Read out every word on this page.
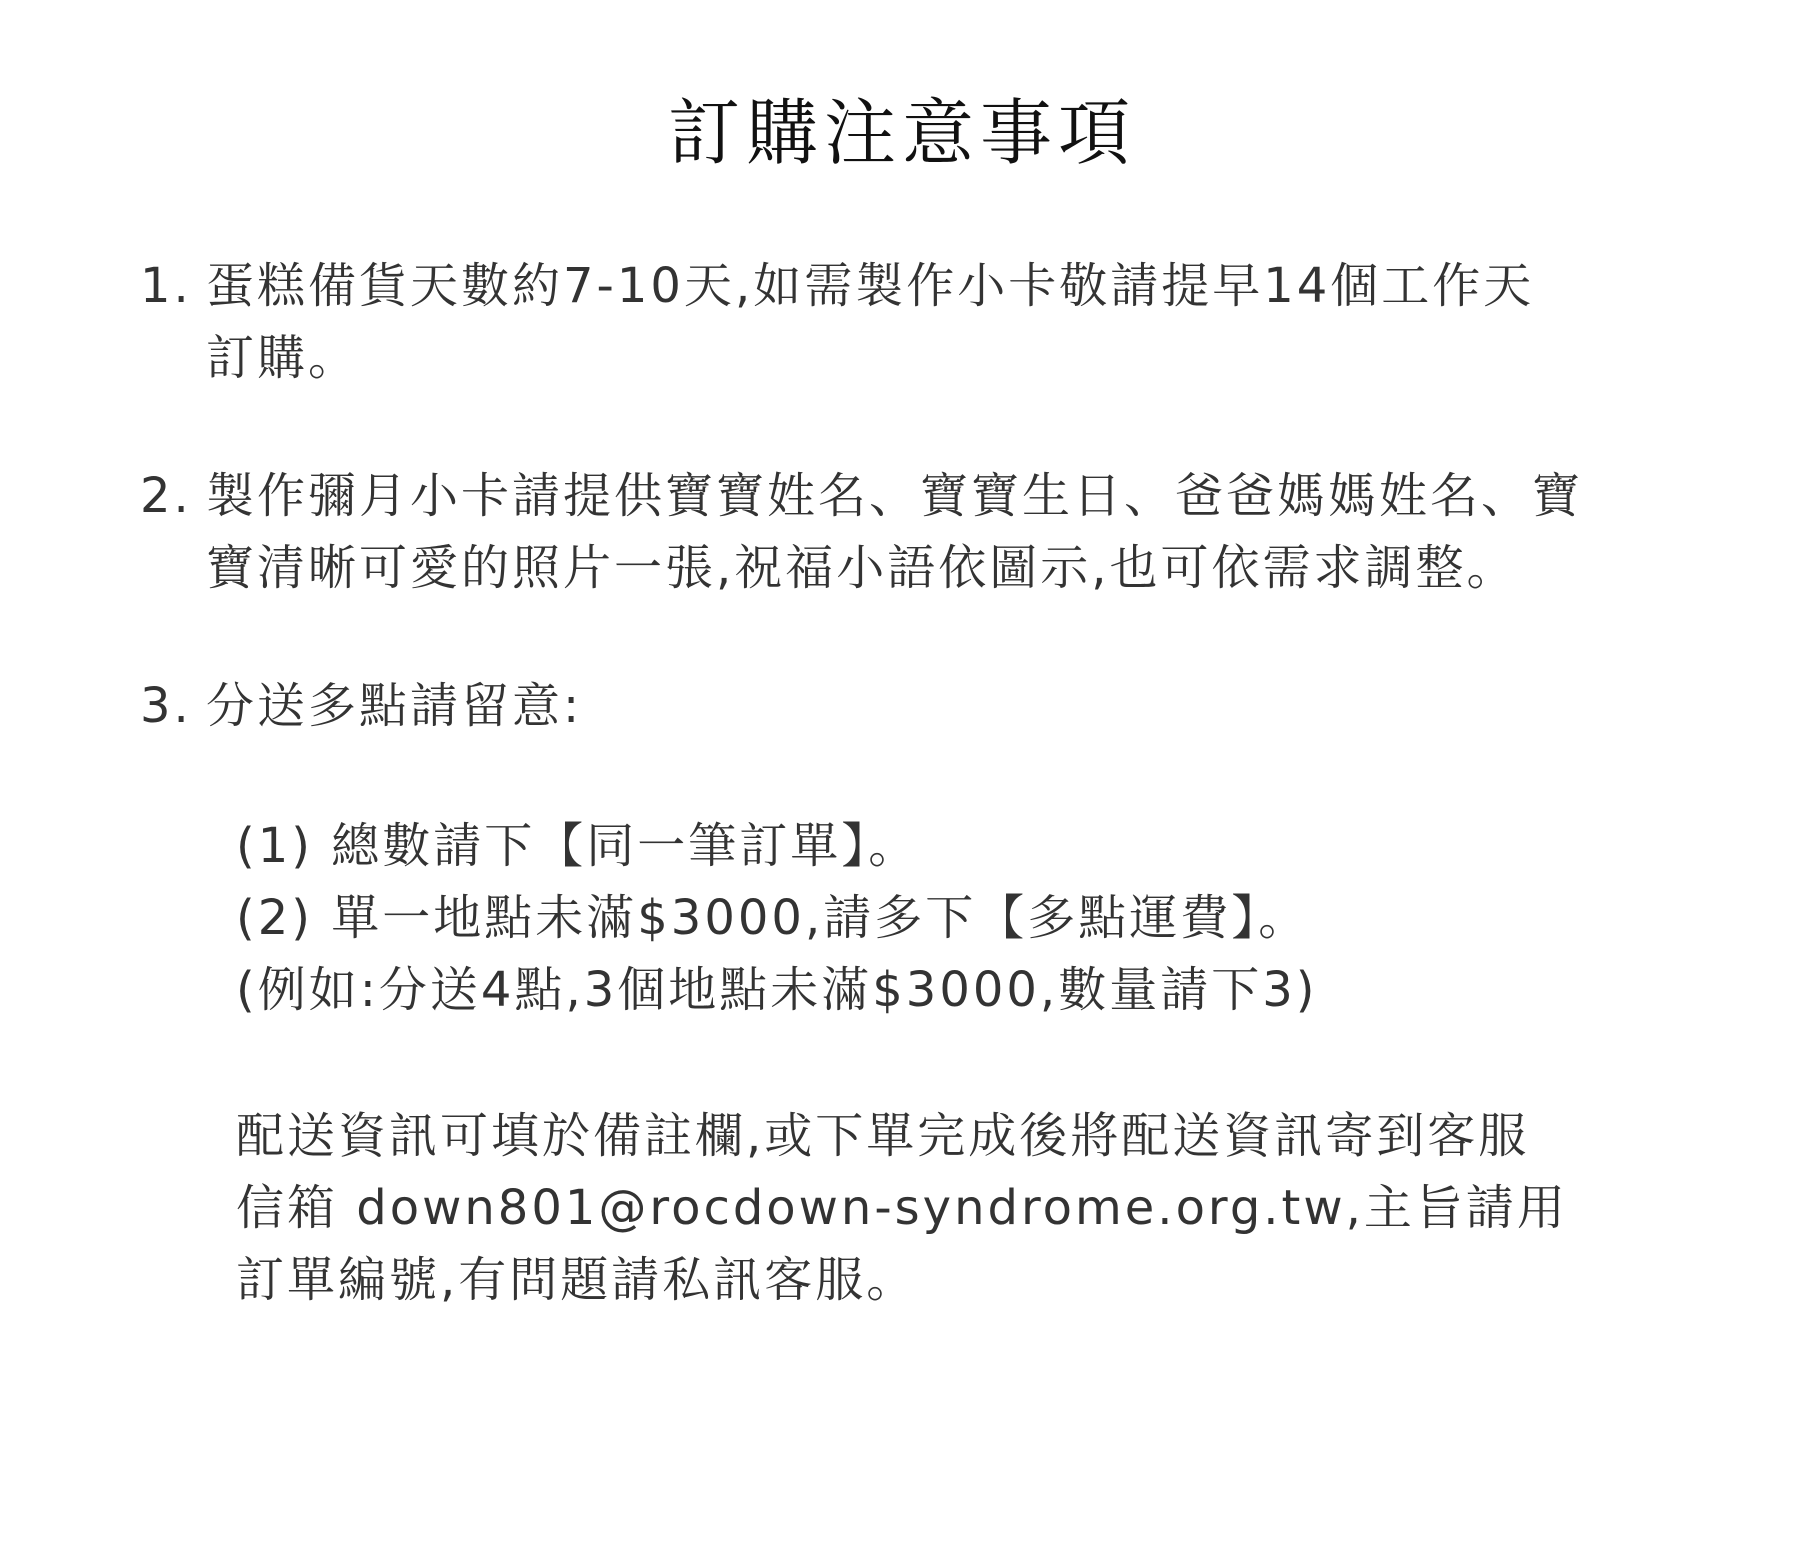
訂購注意事項
1. 蛋糕備貨天數約7-10天,如需製作小卡敬請提早14個工作天
訂購。
2. 製作彌月小卡請提供寶寶姓名、寶寶生日、爸爸媽媽姓名、寶
寶清晰可愛的照片一張,祝福小語依圖示,也可依需求調整。
3. 分送多點請留意:
(1) 總數請下【同一筆訂單】。
(2) 單一地點未滿$3000,請多下【多點運費】。
(例如:分送4點,3個地點未滿$3000,數量請下3)
配送資訊可填於備註欄,或下單完成後將配送資訊寄到客服
信箱 down801@rocdown-syndrome.org.tw,主旨請用
訂單編號,有問題請私訊客服。
